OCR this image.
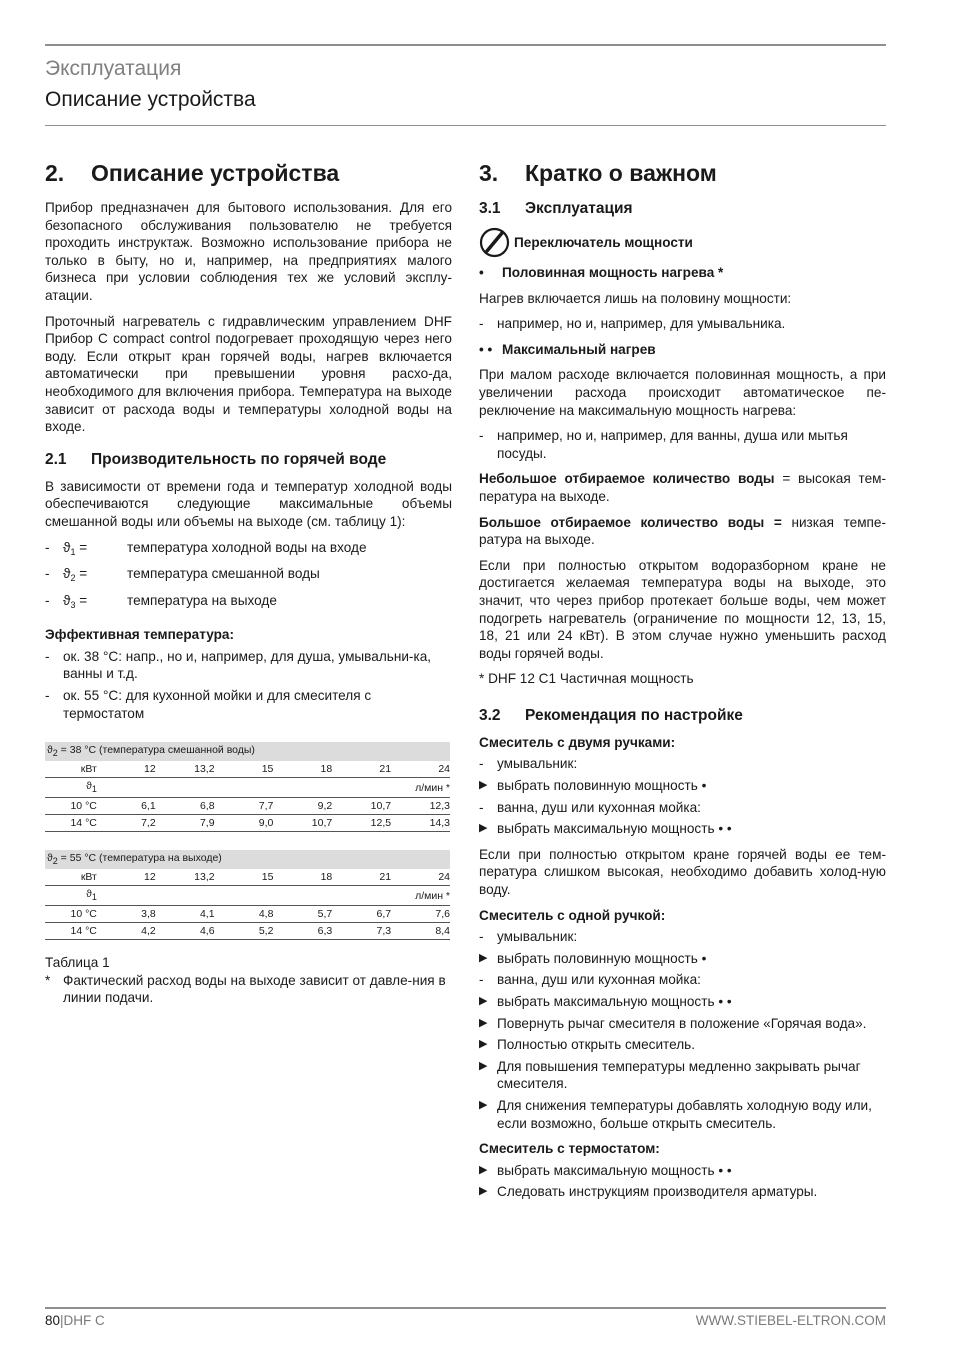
Эксплуатация
Описание устройства
2. Описание устройства

Прибор предназначен для бытового использования. Для его безопасного обслуживания пользователю не требуется проходить инструктаж. Возможно использование прибора не только в быту, но и, например, на предприятиях малого бизнеса при условии соблюдения тех же условий эксплу-атации.

Проточный нагреватель с гидравлическим управлением DHF Прибор C compact control подогревает проходящую через него воду. Если открыт кран горячей воды, нагрев включается автоматически при превышении уровня расхо-да, необходимого для включения прибора. Температура на выходе зависит от расхода воды и температуры холодной воды на входе.

2.1 Производительность по горячей воде

В зависимости от времени года и температур холодной воды обеспечиваются следующие максимальные объемы смешанной воды или объемы на выходе (см. таблицу 1):

- $ϑ_1$ =	температура холодной воды на входе
- $ϑ_2$ =	температура смешанной воды
- $ϑ_3$ =	температура на выходе
Эффективная температура:
- ок. 38 °C: напр., но и, например, для душа, умывальни-ка, ванны и т.д.
- ок. 55 °C: для кухонной мойки и для смесителя с термостатом
ϑ2 = 38 °C (температура смешанной воды)						
кВт	12	13,2	15	18	21	24
ϑ1	л/мин *					
10 °C	6,1	6,8	7,7	9,2	10,7	12,3
14 °C	7,2	7,9	9,0	10,7	12,5	14,3
ϑ2 = 55 °C (температура на выходе)						
кВт	12	13,2	15	18	21	24
ϑ1	л/мин *					
10 °C	3,8	4,1	4,8	5,7	6,7	7,6
14 °C	4,2	4,6	5,2	6,3	7,3	8,4
Таблица 1
* Фактический расход воды на выходе зависит от давле-ния в линии подачи.
3. Кратко о важном
3.1 Эксплуатация
Переключатель мощности
•	Половинная мощность нагрева *

Нагрев включается лишь на половину мощности:

- например, но и, например, для умывальника.
• • Максимальный нагрев

При малом расходе включается половинная мощность, а при увеличении расхода происходит автоматическое пе-реключение на максимальную мощность нагрева:

- например, но и, например, для ванны, душа или мытья посуды.

Небольшое отбираемое количество воды = высокая тем-пература на выходе.

Большое отбираемое количество воды = низкая темпе-ратура на выходе.

Если при полностью открытом водоразборном кране не достигается желаемая температура воды на выходе, это значит, что через прибор протекает больше воды, чем может подогреть нагреватель (ограничение по мощности 12, 13, 15, 18, 21 или 24 кВт). В этом случае нужно уменьшить расход воды горячей воды.

* DHF 12 C1 Частичная мощность

3.2 Рекомендация по настройке
Смеситель с двумя ручками:
- умывальник:
▶ выбрать половинную мощность •
- ванна, душ или кухонная мойка:
▶ выбрать максимальную мощность • •

Если при полностью открытом кране горячей воды ее тем-пература слишком высокая, необходимо добавить холод-ную воду.

Смеситель с одной ручкой:
- умывальник:
▶ выбрать половинную мощность •
- ванна, душ или кухонная мойка:
▶ выбрать максимальную мощность • •
▶ Повернуть рычаг смесителя в положение «Горячая вода».
▶ Полностью открыть смеситель.
▶ Для повышения температуры медленно закрывать рычаг смесителя.
▶ Для снижения температуры добавлять холодную воду или, если возможно, больше открыть смеситель.
Смеситель с термостатом:
▶ выбрать максимальную мощность • •
▶ Следовать инструкциям производителя арматуры.
80|DHF C	WWW.STIEBEL-ELTRON.COM
